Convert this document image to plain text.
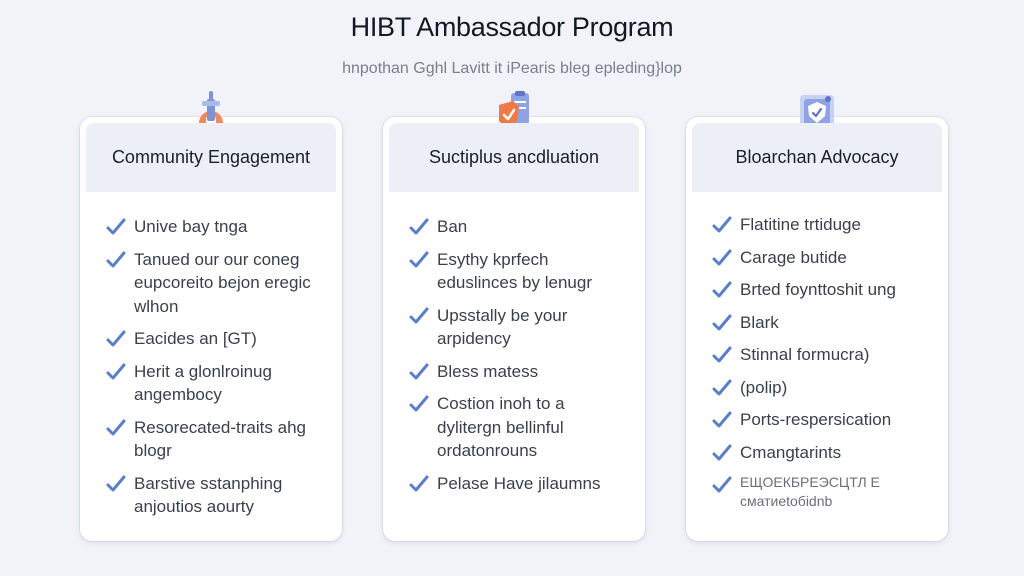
HIBT Ambassador Program
hnpothan Gghl Lavitt it iPearis bleg epleding}lop
Community Engagement
Unive bay tnga
Tanued our our coneg eupcoreito bejon eregic wlhon
Eacides an [GT)
Herit a glonlroinug angembocy
Resorecated-traits ahg blogr
Barstive sstanphing anjoutios aourty
Suctiplus ancdluation
Ban
Esythy kprfech eduslinces by lenugr
Upsstally be your arpidency
Bless matess
Costion inoh to a dylitergn bellinful ordatonrouns
Pelase Have jilaumns
Bloarchan Advocacy
Flatitine trtiduge
Carage butide
Brted foynttoshit ung
Blark
Stinnal formucra)
(polip)
Ports-respersication
Cmangtarints
ЕЩОЕКБРЕЭСЦТЛ Е сматиеtобіdnb
